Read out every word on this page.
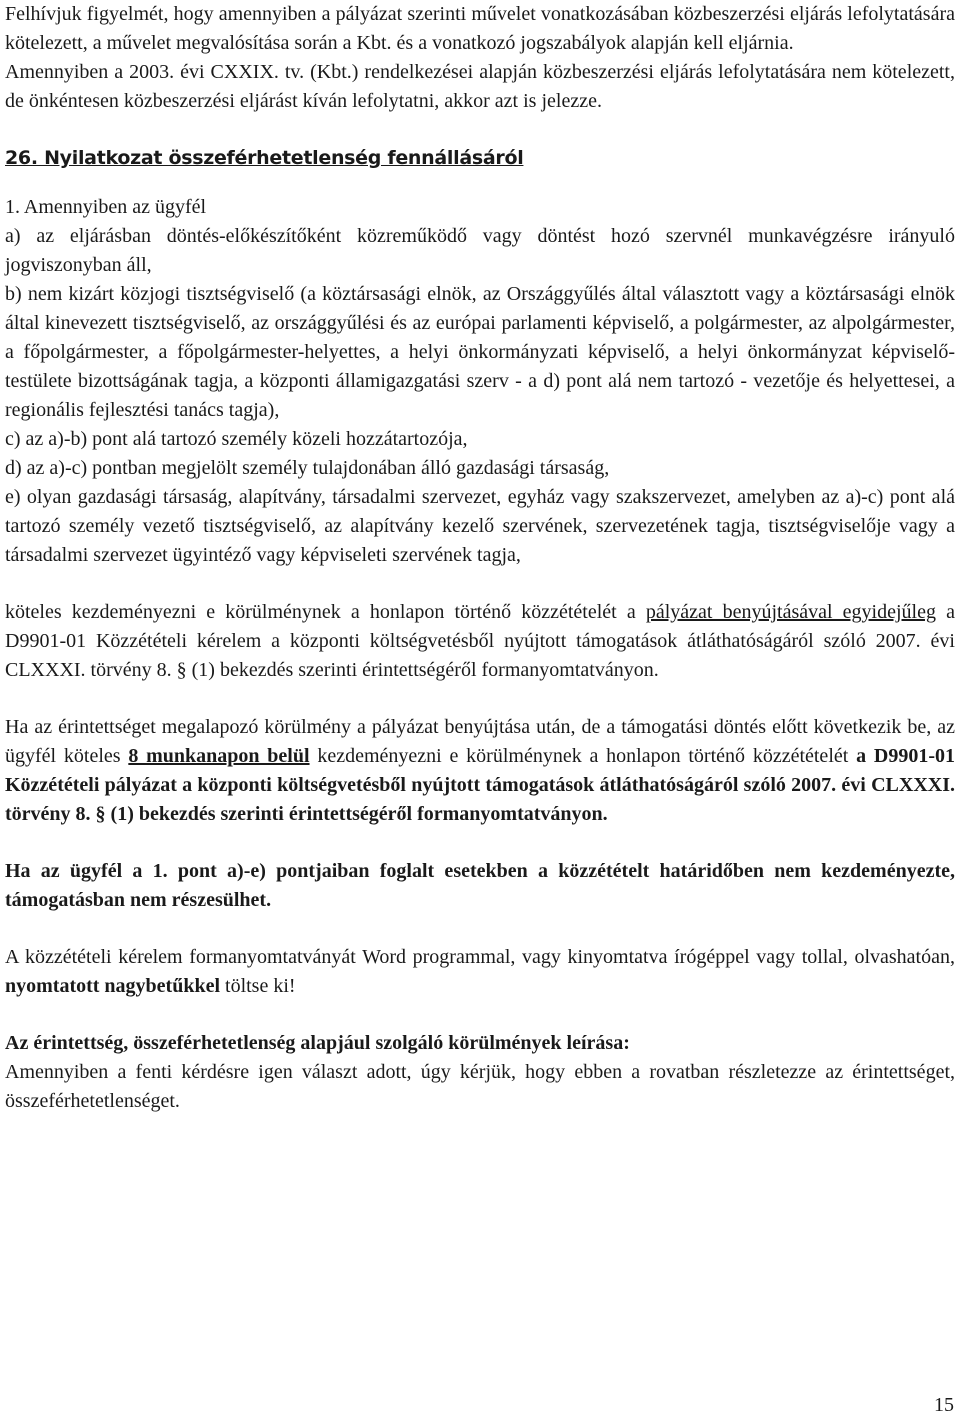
Felhívjuk figyelmét, hogy amennyiben a pályázat szerinti művelet vonatkozásában közbeszerzési eljárás lefolytatására kötelezett, a művelet megvalósítása során a Kbt. és a vonatkozó jogszabályok alapján kell eljárnia.

Amennyiben a 2003. évi CXXIX. tv. (Kbt.) rendelkezései alapján közbeszerzési eljárás lefolytatására nem kötelezett, de önkéntesen közbeszerzési eljárást kíván lefolytatni, akkor azt is jelezze.

26. Nyilatkozat összeférhetetlenség fennállásáról

1. Amennyiben az ügyfél

a) az eljárásban döntés-előkészítőként közreműködő vagy döntést hozó szervnél munkavégzésre irányuló jogviszonyban áll,

b) nem kizárt közjogi tisztségviselő (a köztársasági elnök, az Országgyűlés által választott vagy a köztársasági elnök által kinevezett tisztségviselő, az országgyűlési és az európai parlamenti képviselő, a polgármester, az alpolgármester, a főpolgármester, a főpolgármester-helyettes, a helyi önkormányzati képviselő, a helyi önkormányzat képviselő-testülete bizottságának tagja, a központi államigazgatási szerv - a d) pont alá nem tartozó - vezetője és helyettesei, a regionális fejlesztési tanács tagja),

c) az a)-b) pont alá tartozó személy közeli hozzátartozója,

d) az a)-c) pontban megjelölt személy tulajdonában álló gazdasági társaság,

e) olyan gazdasági társaság, alapítvány, társadalmi szervezet, egyház vagy szakszervezet, amelyben az a)-c) pont alá tartozó személy vezető tisztségviselő, az alapítvány kezelő szervének, szervezetének tagja, tisztségviselője vagy a társadalmi szervezet ügyintéző vagy képviseleti szervének tagja,

köteles kezdeményezni e körülménynek a honlapon történő közzétételét a pályázat benyújtásával egyidejűleg a D9901-01 Közzétételi kérelem a központi költségvetésből nyújtott támogatások átláthatóságáról szóló 2007. évi CLXXXI. törvény 8. § (1) bekezdés szerinti érintettségéről formanyomtatványon.

Ha az érintettséget megalapozó körülmény a pályázat benyújtása után, de a támogatási döntés előtt következik be, az ügyfél köteles 8 munkanapon belül kezdeményezni e körülménynek a honlapon történő közzétételét a D9901-01 Közzétételi pályázat a központi költségvetésből nyújtott támogatások átláthatóságáról szóló 2007. évi CLXXXI. törvény 8. § (1) bekezdés szerinti érintettségéről formanyomtatványon.

Ha az ügyfél a 1. pont a)-e) pontjaiban foglalt esetekben a közzétételt határidőben nem kezdeményezte, támogatásban nem részesülhet.

A közzétételi kérelem formanyomtatványát Word programmal, vagy kinyomtatva írógéppel vagy tollal, olvashatóan, nyomtatott nagybetűkkel töltse ki!

Az érintettség, összeférhetetlenség alapjául szolgáló körülmények leírása:

Amennyiben a fenti kérdésre igen választ adott, úgy kérjük, hogy ebben a rovatban részletezze az érintettséget, összeférhetetlenséget.

15
